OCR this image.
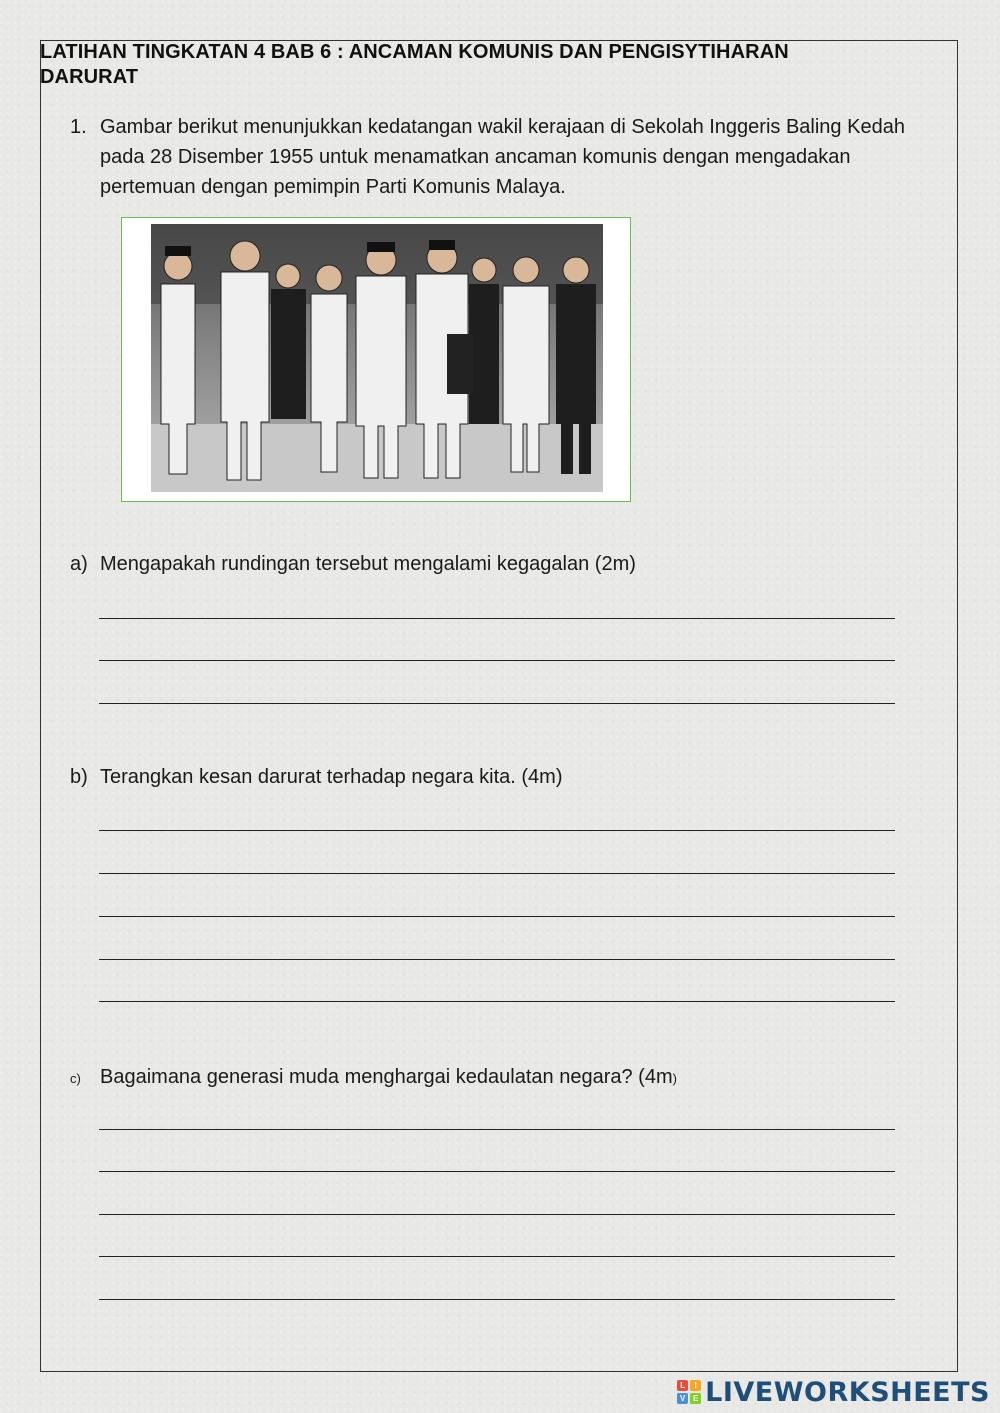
LATIHAN TINGKATAN 4 BAB 6 : ANCAMAN KOMUNIS DAN PENGISYTIHARAN
DARURAT
1. Gambar berikut menunjukkan kedatangan wakil kerajaan di Sekolah Inggeris Baling Kedah pada 28 Disember 1955 untuk menamatkan ancaman komunis dengan mengadakan pertemuan dengan pemimpin Parti Komunis Malaya.
a) Mengapakah rundingan tersebut mengalami kegagalan (2m)
b) Terangkan kesan darurat terhadap negara kita. (4m)
c) Bagaimana generasi muda menghargai kedaulatan negara? (4m)
L	I
V E LIVEWORKSHEETS
